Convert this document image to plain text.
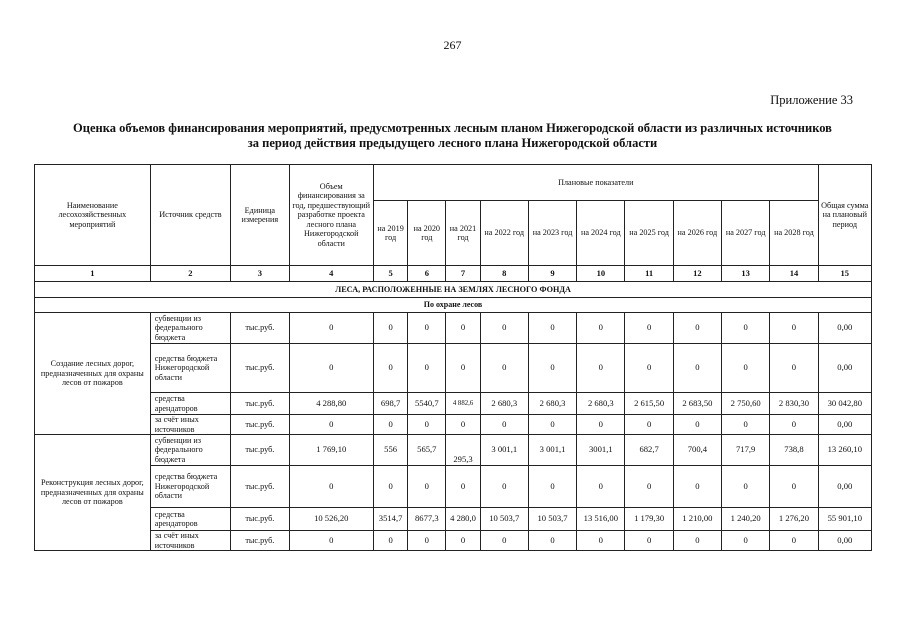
267
Приложение 33
Оценка объемов финансирования мероприятий, предусмотренных лесным планом Нижегородской области из различных источников
за период действия предыдущего лесного плана Нижегородской области
Наименование лесохозяйственных мероприятий	Источник средств	Единица измерения	Объем финансирования за год, предшествующий разработке проекта лесного плана Нижегородской области	Плановые показатели										Общая сумма на плановый период
				на 2019 год	на 2020 год	на 2021 год	на 2022 год	на 2023 год	на 2024 год	на 2025 год	на 2026 год	на 2027 год	на 2028 год	
1	2	3	4	5	6	7	8	9	10	11	12	13	14	15
ЛЕСА, РАСПОЛОЖЕННЫЕ НА ЗЕМЛЯХ ЛЕСНОГО ФОНДА														
По охране лесов														
Создание лесных дорог, предназначенных для охраны лесов от пожаров	субвенции из федерального бюджета	тыс.руб.	0	0	0	0	0	0	0	0	0	0	0	0,00
	средства бюджета Нижегородской области	тыс.руб.	0	0	0	0	0	0	0	0	0	0	0	0,00
	средства арендаторов	тыс.руб.	4 288,80	698,7	5540,7	4 882,6	2 680,3	2 680,3	2 680,3	2 615,50	2 683,50	2 750,60	2 830,30	30 042,80
	за счёт иных источников	тыс.руб.	0	0	0	0	0	0	0	0	0	0	0	0,00
Реконструкция лесных дорог, предназначенных для охраны лесов от пожаров	субвенции из федерального бюджета	тыс.руб.	1 769,10	556	565,7	295,3	3 001,1	3 001,1	3001,1	682,7	700,4	717,9	738,8	13 260,10
	средства бюджета Нижегородской области	тыс.руб.	0	0	0	0	0	0	0	0	0	0	0	0,00
	средства арендаторов	тыс.руб.	10 526,20	3514,7	8677,3	4 280,0	10 503,7	10 503,7	13 516,00	1 179,30	1 210,00	1 240,20	1 276,20	55 901,10
	за счёт иных источников	тыс.руб.	0	0	0	0	0	0	0	0	0	0	0	0,00
